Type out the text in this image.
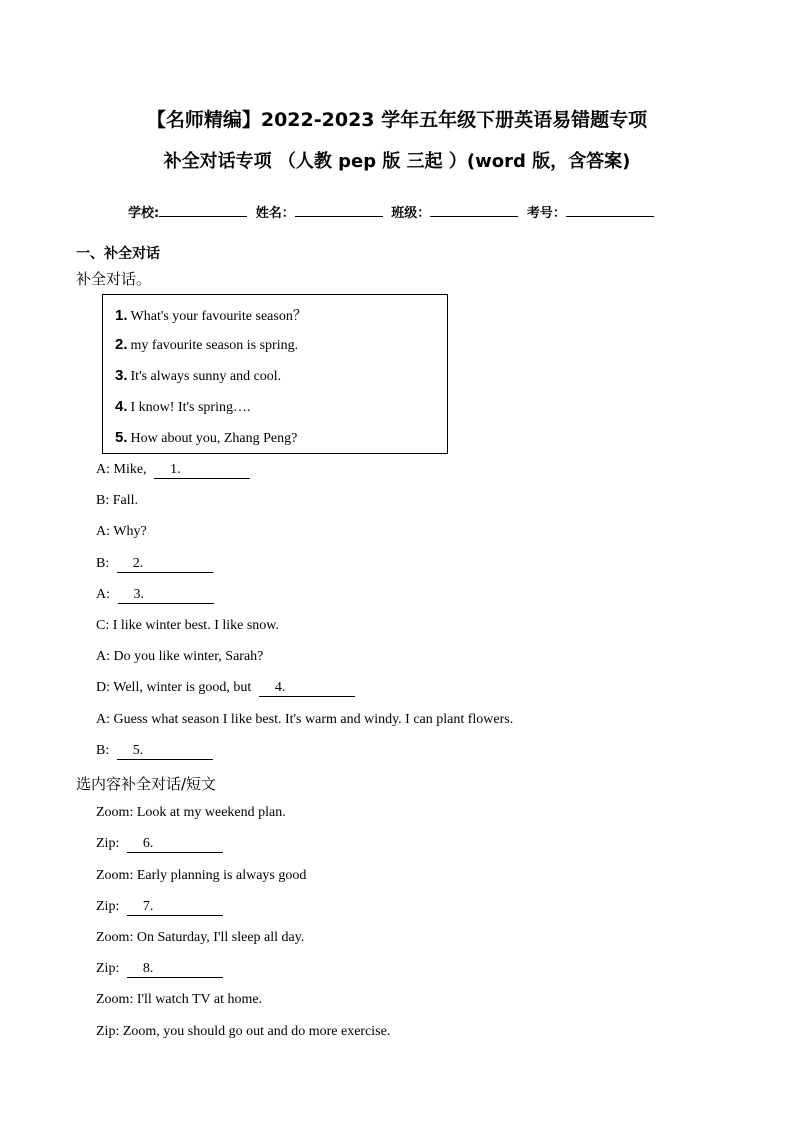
【名师精编】2022-2023 学年五年级下册英语易错题专项
补全对话专项 （人教 pep 版 三起 ）(word 版，含答案)
学校:	姓名：	班级：	考号：
一、补全对话
补全对话。
1. What's your favourite season？
2. my favourite season is spring.
3. It's always sunny and cool.
4. I know! It's spring….
5. How about you, Zhang Peng?
A: Mike, 1.
B: Fall.
A: Why?
B: 2.
A: 3.
C: I like winter best. I like snow.
A: Do you like winter, Sarah?
D: Well, winter is good, but 4.
A: Guess what season I like best. It's warm and windy. I can plant flowers.
B: 5.
选内容补全对话/短文
Zoom: Look at my weekend plan.
Zip: 6.
Zoom: Early planning is always good
Zip: 7.
Zoom: On Saturday, I'll sleep all day.
Zip: 8.
Zoom: I'll watch TV at home.
Zip: Zoom, you should go out and do more exercise.
